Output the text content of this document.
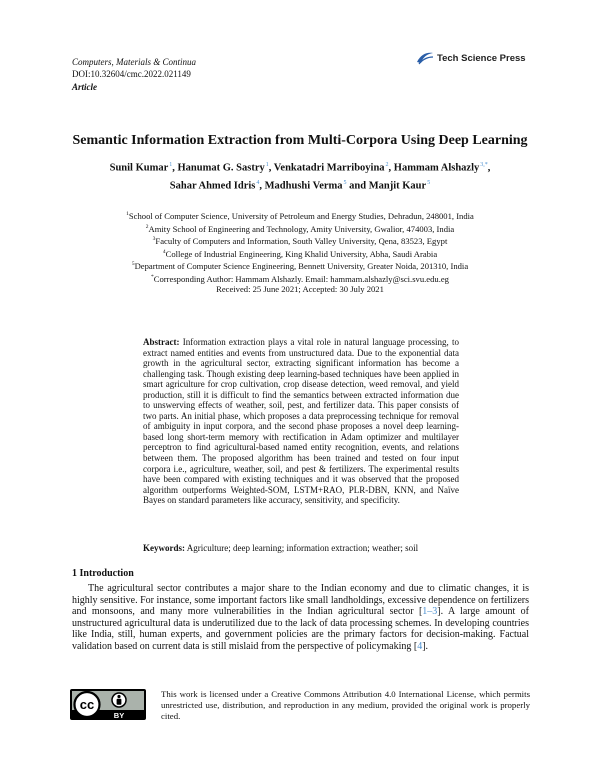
Computers, Materials & Continua
DOI:10.32604/cmc.2022.021149
Article
Tech Science Press
Semantic Information Extraction from Multi-Corpora Using Deep Learning
Sunil Kumar$^1$, Hanumat G. Sastry$^1$, Venkatadri Marriboyina$^2$, Hammam Alshazly$^{3,*}$,
Sahar Ahmed Idris$^4$, Madhushi Verma$^5$ and Manjit Kaur$^5$
$^1$School of Computer Science, University of Petroleum and Energy Studies, Dehradun, 248001, India
$^2$Amity School of Engineering and Technology, Amity University, Gwalior, 474003, India
$^3$Faculty of Computers and Information, South Valley University, Qena, 83523, Egypt
$^4$College of Industrial Engineering, King Khalid University, Abha, Saudi Arabia
$^5$Department of Computer Science Engineering, Bennett University, Greater Noida, 201310, India
*Corresponding Author: Hammam Alshazly. Email: hammam.alshazly@sci.svu.edu.eg
Received: 25 June 2021; Accepted: 30 July 2021
Abstract: Information extraction plays a vital role in natural language processing, to extract named entities and events from unstructured data. Due to the exponential data growth in the agricultural sector, extracting significant information has become a challenging task. Though existing deep learning-based techniques have been applied in smart agriculture for crop cultivation, crop disease detection, weed removal, and yield production, still it is difficult to find the semantics between extracted information due to unswerving effects of weather, soil, pest, and fertilizer data. This paper consists of two parts. An initial phase, which proposes a data preprocessing technique for removal of ambiguity in input corpora, and the second phase proposes a novel deep learning-based long short-term memory with rectification in Adam optimizer and multilayer perceptron to find agricultural-based named entity recognition, events, and relations between them. The proposed algorithm has been trained and tested on four input corpora i.e., agriculture, weather, soil, and pest & fertilizers. The experimental results have been compared with existing techniques and it was observed that the proposed algorithm outperforms Weighted-SOM, LSTM+RAO, PLR-DBN, KNN, and Naïve Bayes on standard parameters like accuracy, sensitivity, and specificity.
Keywords: Agriculture; deep learning; information extraction; weather; soil
1 Introduction
The agricultural sector contributes a major share to the Indian economy and due to climatic changes, it is highly sensitive. For instance, some important factors like small landholdings, excessive dependence on fertilizers and monsoons, and many more vulnerabilities in the Indian agricultural sector [1–3]. A large amount of unstructured agricultural data is underutilized due to the lack of data processing schemes. In developing countries like India, still, human experts, and government policies are the primary factors for decision-making. Factual validation based on current data is still mislaid from the perspective of policymaking [4].
cc
BY
This work is licensed under a Creative Commons Attribution 4.0 International License, which permits unrestricted use, distribution, and reproduction in any medium, provided the original work is properly cited.
